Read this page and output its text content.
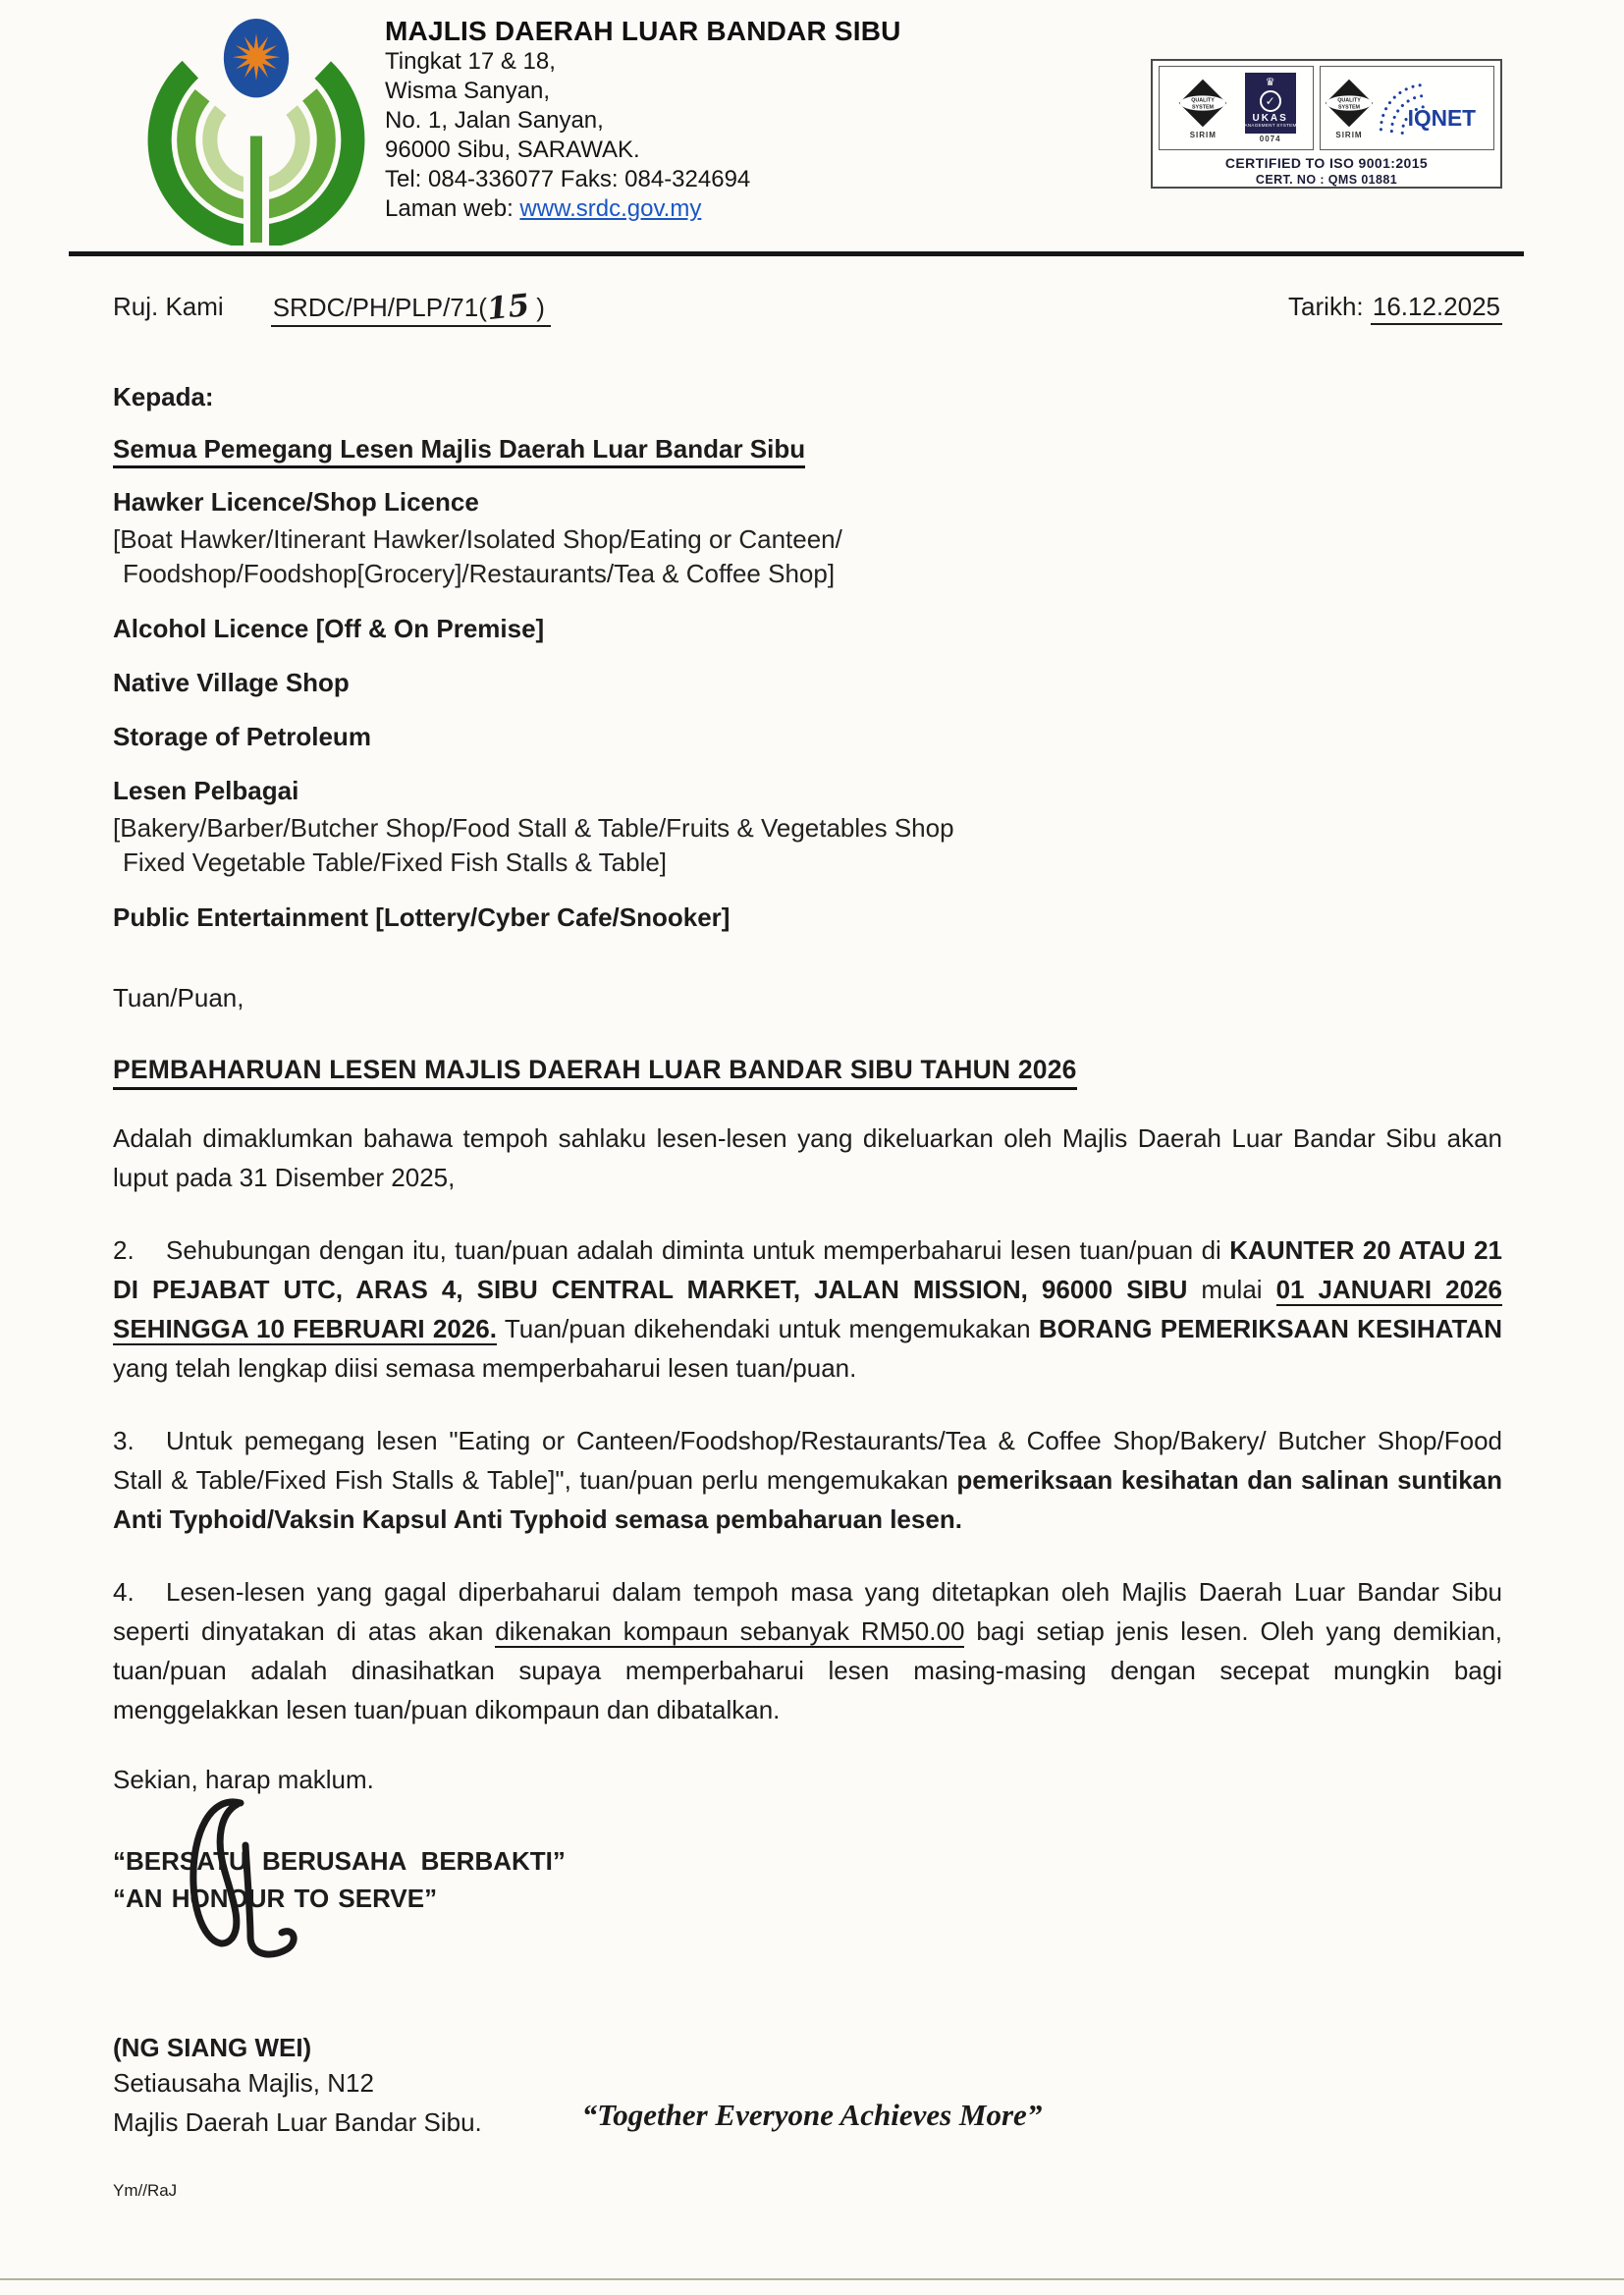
MAJLIS DAERAH LUAR BANDAR SIBU
Tingkat 17 & 18,
Wisma Sanyan,
No. 1, Jalan Sanyan,
96000 Sibu, SARAWAK.
Tel: 084-336077 Faks: 084-324694
Laman web: www.srdc.gov.my
QUALITY
SYSTEM
SIRIM
♛
✓
UKAS
MANAGEMENT SYSTEMS
0074
QUALITY
SYSTEM
SIRIM
IQNET
CERTIFIED TO ISO 9001:2015
CERT. NO : QMS 01881
Ruj. Kami SRDC/PH/PLP/71(15 )	Tarikh: 16.12.2025
Kepada:
Semua Pemegang Lesen Majlis Daerah Luar Bandar Sibu
Hawker Licence/Shop Licence
[Boat Hawker/Itinerant Hawker/Isolated Shop/Eating or Canteen/
Foodshop/Foodshop[Grocery]/Restaurants/Tea & Coffee Shop]
Alcohol Licence [Off & On Premise]
Native Village Shop
Storage of Petroleum
Lesen Pelbagai
[Bakery/Barber/Butcher Shop/Food Stall & Table/Fruits & Vegetables Shop
Fixed Vegetable Table/Fixed Fish Stalls & Table]
Public Entertainment [Lottery/Cyber Cafe/Snooker]
Tuan/Puan,
PEMBAHARUAN LESEN MAJLIS DAERAH LUAR BANDAR SIBU TAHUN 2026

Adalah dimaklumkan bahawa tempoh sahlaku lesen-lesen yang dikeluarkan oleh Majlis Daerah Luar Bandar Sibu akan luput pada 31 Disember 2025,

2. Sehubungan dengan itu, tuan/puan adalah diminta untuk memperbaharui lesen tuan/puan di KAUNTER 20 ATAU 21 DI PEJABAT UTC, ARAS 4, SIBU CENTRAL MARKET, JALAN MISSION, 96000 SIBU mulai 01 JANUARI 2026 SEHINGGA 10 FEBRUARI 2026. Tuan/puan dikehendaki untuk mengemukakan BORANG PEMERIKSAAN KESIHATAN yang telah lengkap diisi semasa memperbaharui lesen tuan/puan.

3. Untuk pemegang lesen "Eating or Canteen/Foodshop/Restaurants/Tea & Coffee Shop/Bakery/ Butcher Shop/Food Stall & Table/Fixed Fish Stalls & Table]", tuan/puan perlu mengemukakan pemeriksaan kesihatan dan salinan suntikan Anti Typhoid/Vaksin Kapsul Anti Typhoid semasa pembaharuan lesen.

4. Lesen-lesen yang gagal diperbaharui dalam tempoh masa yang ditetapkan oleh Majlis Daerah Luar Bandar Sibu seperti dinyatakan di atas akan dikenakan kompaun sebanyak RM50.00 bagi setiap jenis lesen. Oleh yang demikian, tuan/puan adalah dinasihatkan supaya memperbaharui lesen masing-masing dengan secepat mungkin bagi menggelakkan lesen tuan/puan dikompaun dan dibatalkan.

Sekian, harap maklum.
“BERSATU BERUSAHA BERBAKTI”
“AN HONOUR TO SERVE”
(NG SIANG WEI)
Setiausaha Majlis, N12
Majlis Daerah Luar Bandar Sibu.
Ym//RaJ
“Together Everyone Achieves More”
